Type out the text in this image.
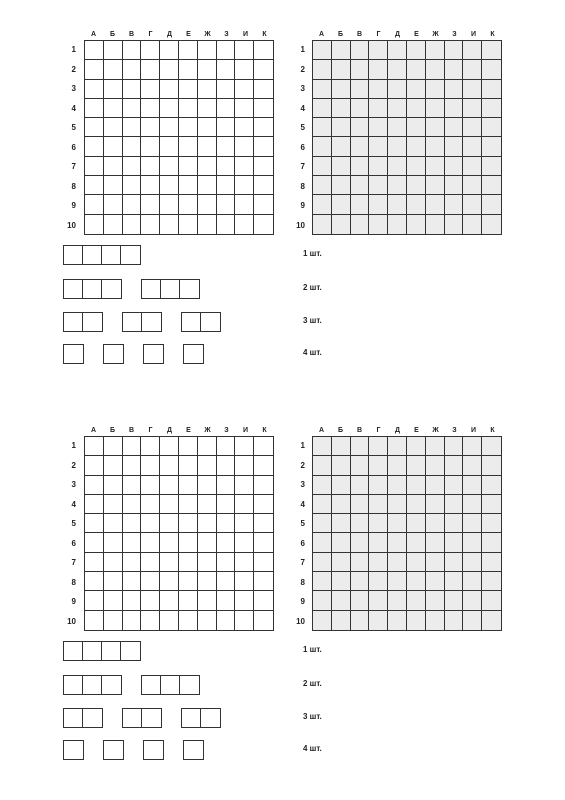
А	Б	В	Г	Д	Е	Ж	З	И	К
1
2
3
4
5
6
7
8
9
10
А	Б	В	Г	Д	Е	Ж	З	И	К
1
2
3
4
5
6
7
8
9
10
1 шт.
2 шт.
3 шт.
4 шт.
А	Б	В	Г	Д	Е	Ж	З	И	К
1
2
3
4
5
6
7
8
9
10
А	Б	В	Г	Д	Е	Ж	З	И	К
1
2
3
4
5
6
7
8
9
10
1 шт.
2 шт.
3 шт.
4 шт.
